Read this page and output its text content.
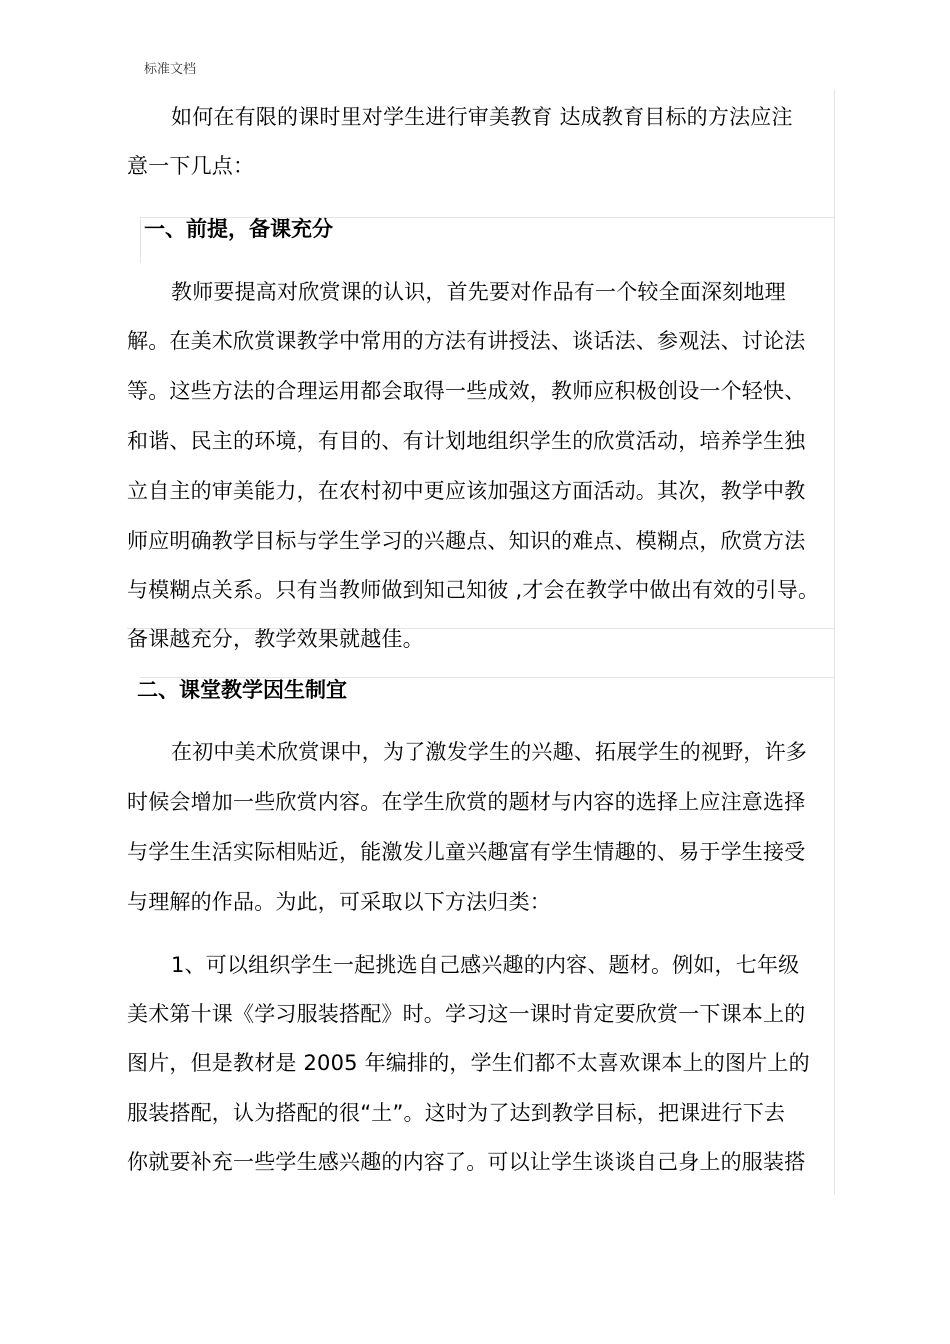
标准文档
如何在有限的课时里对学生进行审美教育 达成教育目标的方法应注
意一下几点：
一、前提，备课充分
教师要提高对欣赏课的认识，首先要对作品有一个较全面深刻地理
解。在美术欣赏课教学中常用的方法有讲授法、谈话法、参观法、讨论法
等。这些方法的合理运用都会取得一些成效，教师应积极创设一个轻快、
和谐、民主的环境，有目的、有计划地组织学生的欣赏活动，培养学生独
立自主的审美能力，在农村初中更应该加强这方面活动。其次，教学中教
师应明确教学目标与学生学习的兴趣点、知识的难点、模糊点，欣赏方法
与模糊点关系。只有当教师做到知己知彼 ,才会在教学中做出有效的引导。
备课越充分，教学效果就越佳。
二、课堂教学因生制宜
在初中美术欣赏课中，为了激发学生的兴趣、拓展学生的视野，许多
时候会增加一些欣赏内容。在学生欣赏的题材与内容的选择上应注意选择
与学生生活实际相贴近，能激发儿童兴趣富有学生情趣的、易于学生接受
与理解的作品。为此，可采取以下方法归类：
1、可以组织学生一起挑选自己感兴趣的内容、题材。例如，七年级
美术第十课《学习服装搭配》时。学习这一课时肯定要欣赏一下课本上的
图片，但是教材是 2005 年编排的，学生们都不太喜欢课本上的图片上的
服装搭配，认为搭配的很“土”。这时为了达到教学目标，把课进行下去
你就要补充一些学生感兴趣的内容了。可以让学生谈谈自己身上的服装搭
